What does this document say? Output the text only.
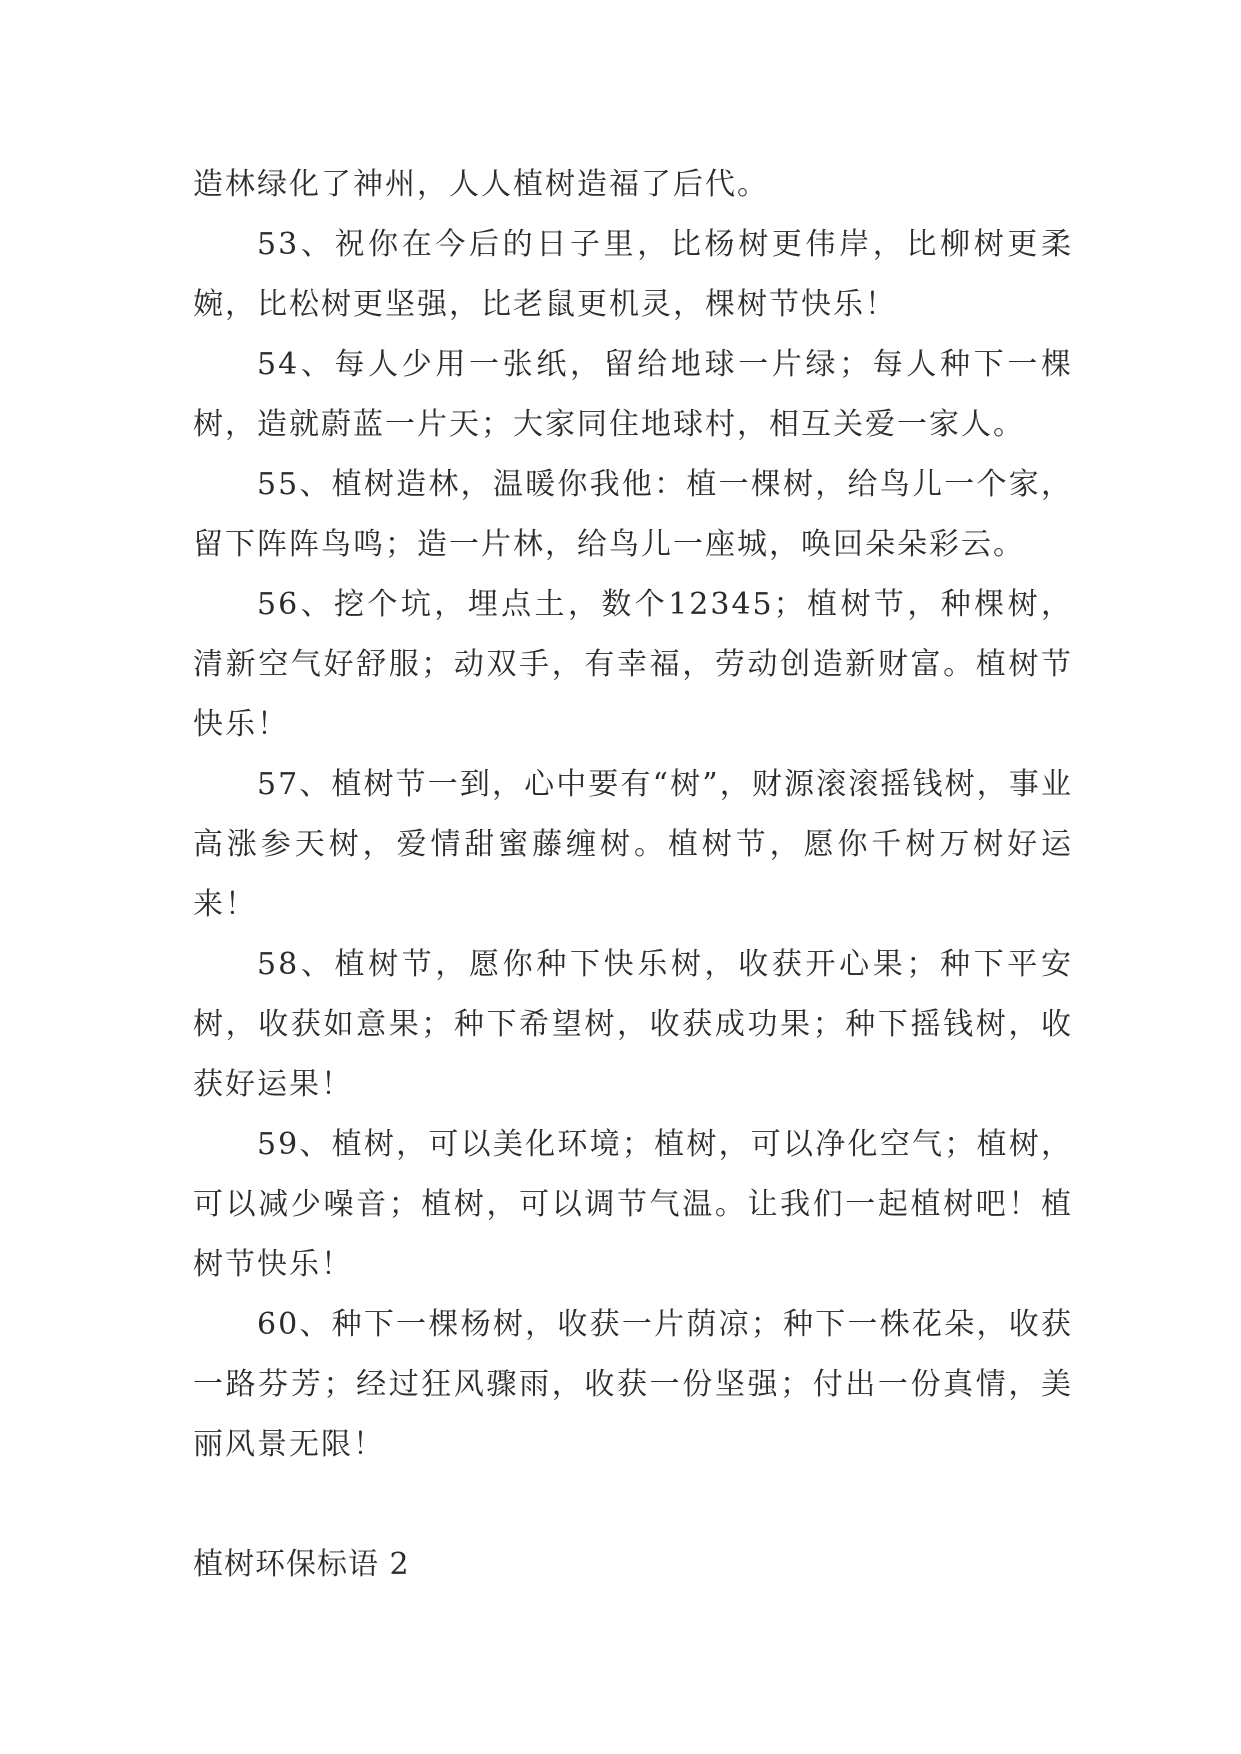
造林绿化了神州，人人植树造福了后代。

53、祝你在今后的日子里，比杨树更伟岸，比柳树更柔婉，比松树更坚强，比老鼠更机灵，棵树节快乐！

54、每人少用一张纸，留给地球一片绿；每人种下一棵树，造就蔚蓝一片天；大家同住地球村，相互关爱一家人。

55、植树造林，温暖你我他：植一棵树，给鸟儿一个家，留下阵阵鸟鸣；造一片林，给鸟儿一座城，唤回朵朵彩云。

56、挖个坑，埋点土，数个12345；植树节，种棵树，清新空气好舒服；动双手，有幸福，劳动创造新财富。植树节快乐！

57、植树节一到，心中要有“树”，财源滚滚摇钱树，事业高涨参天树，爱情甜蜜藤缠树。植树节，愿你千树万树好运来！

58、植树节，愿你种下快乐树，收获开心果；种下平安树，收获如意果；种下希望树，收获成功果；种下摇钱树，收获好运果！

59、植树，可以美化环境；植树，可以净化空气；植树，可以减少噪音；植树，可以调节气温。让我们一起植树吧！植树节快乐！

60、种下一棵杨树，收获一片荫凉；种下一株花朵，收获一路芬芳；经过狂风骤雨，收获一份坚强；付出一份真情，美丽风景无限！

植树环保标语 2
